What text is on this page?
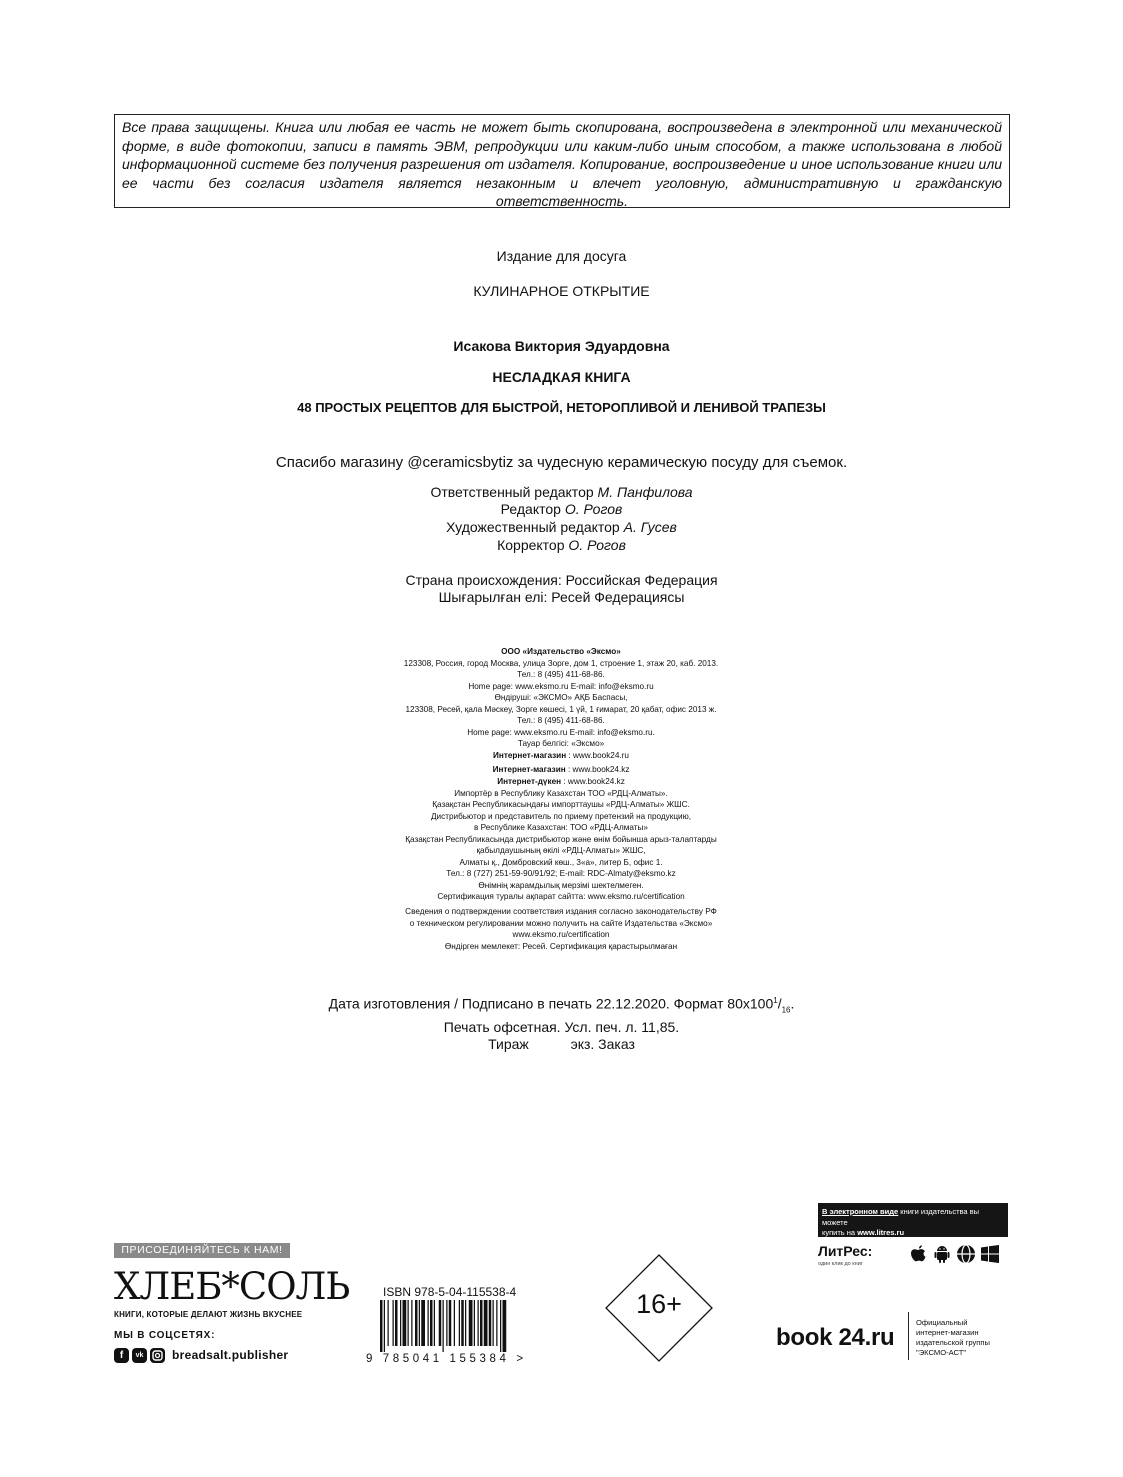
Все права защищены. Книга или любая ее часть не может быть скопирована, воспроизведена в электронной или механической форме, в виде фотокопии, записи в память ЭВМ, репродукции или каким-либо иным способом, а также использована в любой информационной системе без получения разрешения от издателя. Копирование, воспроизведение и иное использование книги или ее части без согласия издателя является незаконным и влечет уголовную, административную и гражданскую ответственность.
Издание для досуга
КУЛИНАРНОЕ ОТКРЫТИЕ
Исакова Виктория Эдуардовна
НЕСЛАДКАЯ КНИГА
48 ПРОСТЫХ РЕЦЕПТОВ ДЛЯ БЫСТРОЙ, НЕТОРОПЛИВОЙ И ЛЕНИВОЙ ТРАПЕЗЫ
Спасибо магазину @ceramicsbytiz за чудесную керамическую посуду для съемок.
Ответственный редактор М. Панфилова
Редактор О. Рогов
Художественный редактор А. Гусев
Корректор О. Рогов
Страна происхождения: Российская Федерация
Шығарылған елі: Ресей Федерациясы
ООО «Издательство «Эксмо»
123308, Россия, город Москва, улица Зорге, дом 1, строение 1, этаж 20, каб. 2013.
Тел.: 8 (495) 411-68-86.
Home page: www.eksmo.ru E-mail: info@eksmo.ru
Өндіруші: «ЭКСМО» АҚБ Баспасы,
123308, Ресей, қала Мәскеу, Зорге көшесі, 1 үй, 1 ғимарат, 20 қабат, офис 2013 ж.
Тел.: 8 (495) 411-68-86.
Home page: www.eksmo.ru E-mail: info@eksmo.ru.
Тауар белгісі: «Эксмо»
Интернет-магазин : www.book24.ru
Интернет-магазин : www.book24.kz
Интернет-дүкен : www.book24.kz
Импортёр в Республику Казахстан ТОО «РДЦ-Алматы».
Қазақстан Республикасындағы импорттаушы «РДЦ-Алматы» ЖШС.
Дистрибьютор и представитель по приему претензий на продукцию,
в Республике Казахстан: ТОО «РДЦ-Алматы»
Қазақстан Республикасында дистрибьютор және өнім бойынша арыз-талаптарды
қабылдаушының өкілі «РДЦ-Алматы» ЖШС,
Алматы қ., Домбровский көш., 3«а», литер Б, офис 1.
Тел.: 8 (727) 251-59-90/91/92; E-mail: RDC-Almaty@eksmo.kz
Өнімнің жарамдылық мерзімі шектелмеген.
Сертификация туралы ақпарат сайтта: www.eksmo.ru/certification
Сведения о подтверждении соответствия издания согласно законодательству РФ
о техническом регулировании можно получить на сайте Издательства «Эксмо»
www.eksmo.ru/certification
Өндірген мемлекет: Ресей. Сертификация қарастырылмаған
Дата изготовления / Подписано в печать 22.12.2020. Формат $80x100^1/_{16}$.
Печать офсетная. Усл. печ. л. 11,85.
Тираж	экз. Заказ
ПРИСОЕДИНЯЙТЕСЬ К НАМ!
ХЛЕБ*СОЛЬ
КНИГИ, КОТОРЫЕ ДЕЛАЮТ ЖИЗНЬ ВКУСНЕЕ
МЫ В СОЦСЕТЯХ:
f	vk	breadsalt.publisher
ISBN 978-5-04-115538-4
9 785041 155384 >
16+
В электронном виде книги издательства вы можете
купить на www.litres.ru
ЛитРес:
один клик до книг
book 24.ru
Официальный
интернет-магазин
издательской группы
"ЭКСМО-АСТ"
